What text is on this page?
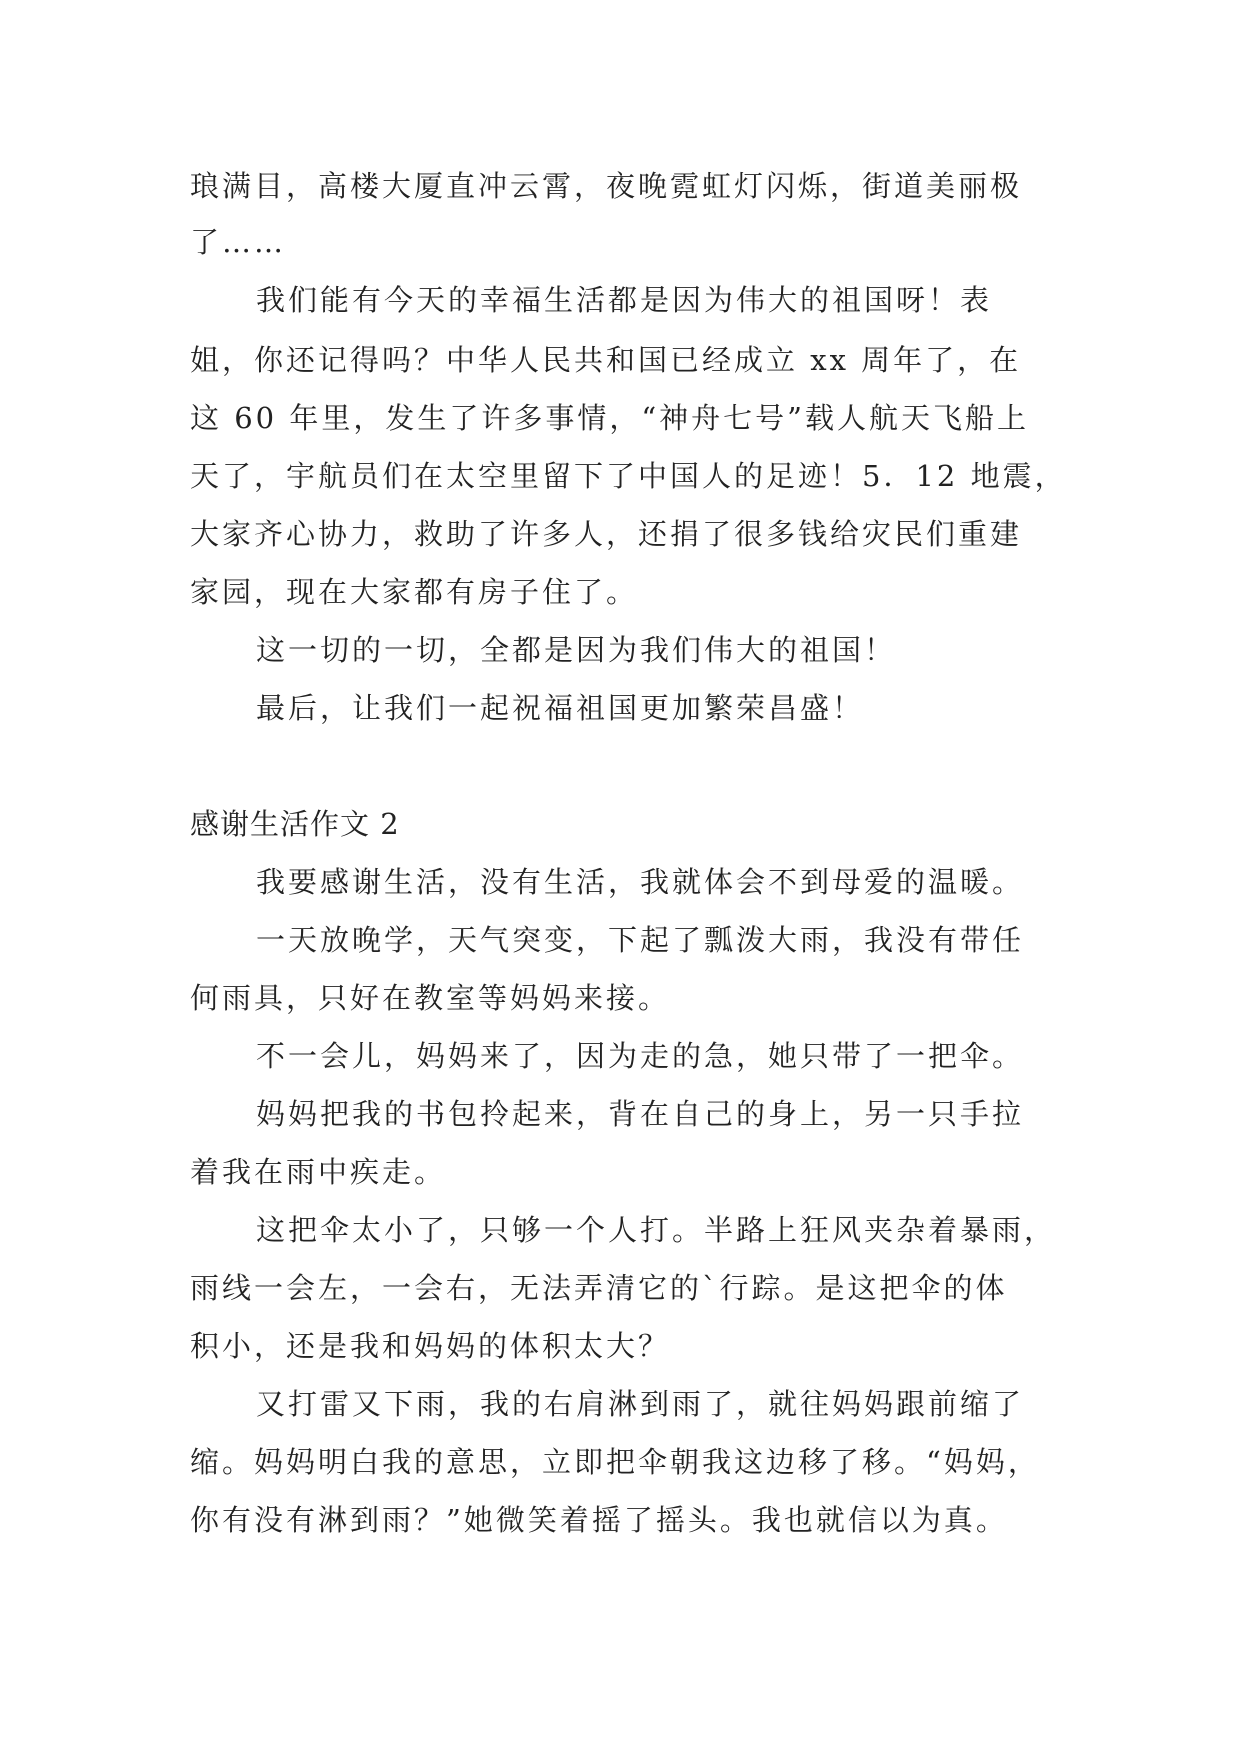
琅满目，高楼大厦直冲云霄，夜晚霓虹灯闪烁，街道美丽极

了……

我们能有今天的幸福生活都是因为伟大的祖国呀！表

姐，你还记得吗？中华人民共和国已经成立 xx 周年了，在

这 60 年里，发生了许多事情，“神舟七号”载人航天飞船上

天了，宇航员们在太空里留下了中国人的足迹！5．12 地震，

大家齐心协力，救助了许多人，还捐了很多钱给灾民们重建

家园，现在大家都有房子住了。

这一切的一切，全都是因为我们伟大的祖国！

最后，让我们一起祝福祖国更加繁荣昌盛！

感谢生活作文 2

我要感谢生活，没有生活，我就体会不到母爱的温暖。

一天放晚学，天气突变，下起了瓢泼大雨，我没有带任

何雨具，只好在教室等妈妈来接。

不一会儿，妈妈来了，因为走的急，她只带了一把伞。

妈妈把我的书包拎起来，背在自己的身上，另一只手拉

着我在雨中疾走。

这把伞太小了，只够一个人打。半路上狂风夹杂着暴雨，

雨线一会左，一会右，无法弄清它的`行踪。是这把伞的体

积小，还是我和妈妈的体积太大？

又打雷又下雨，我的右肩淋到雨了，就往妈妈跟前缩了

缩。妈妈明白我的意思，立即把伞朝我这边移了移。“妈妈，

你有没有淋到雨？”她微笑着摇了摇头。我也就信以为真。
